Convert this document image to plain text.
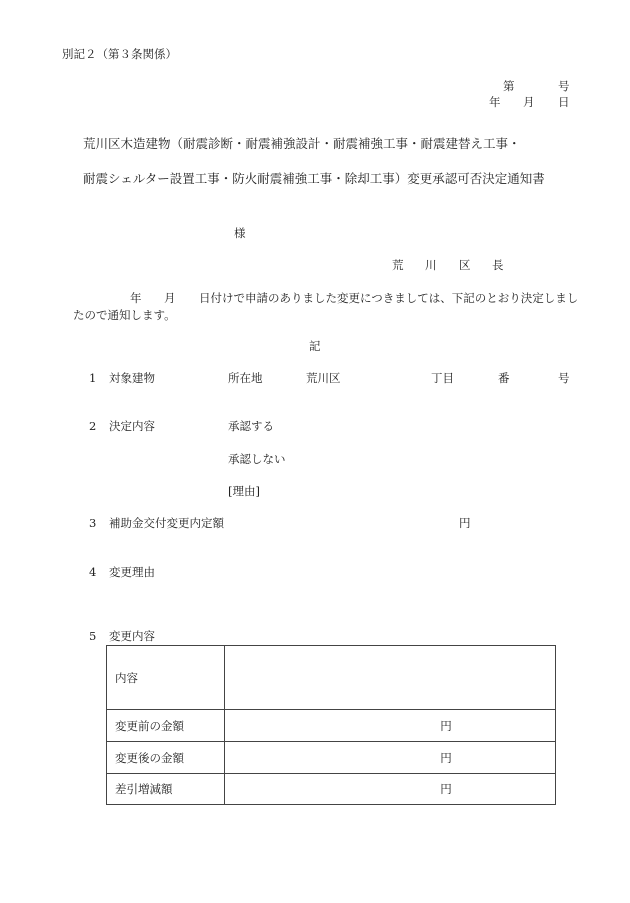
別記２（第３条関係）
第	号
年 月 日
荒川区木造建物（耐震診断・耐震補強設計・耐震補強工事・耐震建替え工事・
耐震シェルター設置工事・防火耐震補強工事・除却工事）変更承認可否決定通知書
様
荒 川 区 長
年 月 日付けで申請のありました変更につきましては、下記のとおり決定しまし
たので通知します。
記
1 対象建物	所在地	荒川区	丁目	番	号
2 決定内容	承認する
承認しない
[理由]
3 補助金交付変更内定額	円
4 変更理由
5 変更内容
内容	
変更前の金額	円
変更後の金額	円
差引増減額	円
